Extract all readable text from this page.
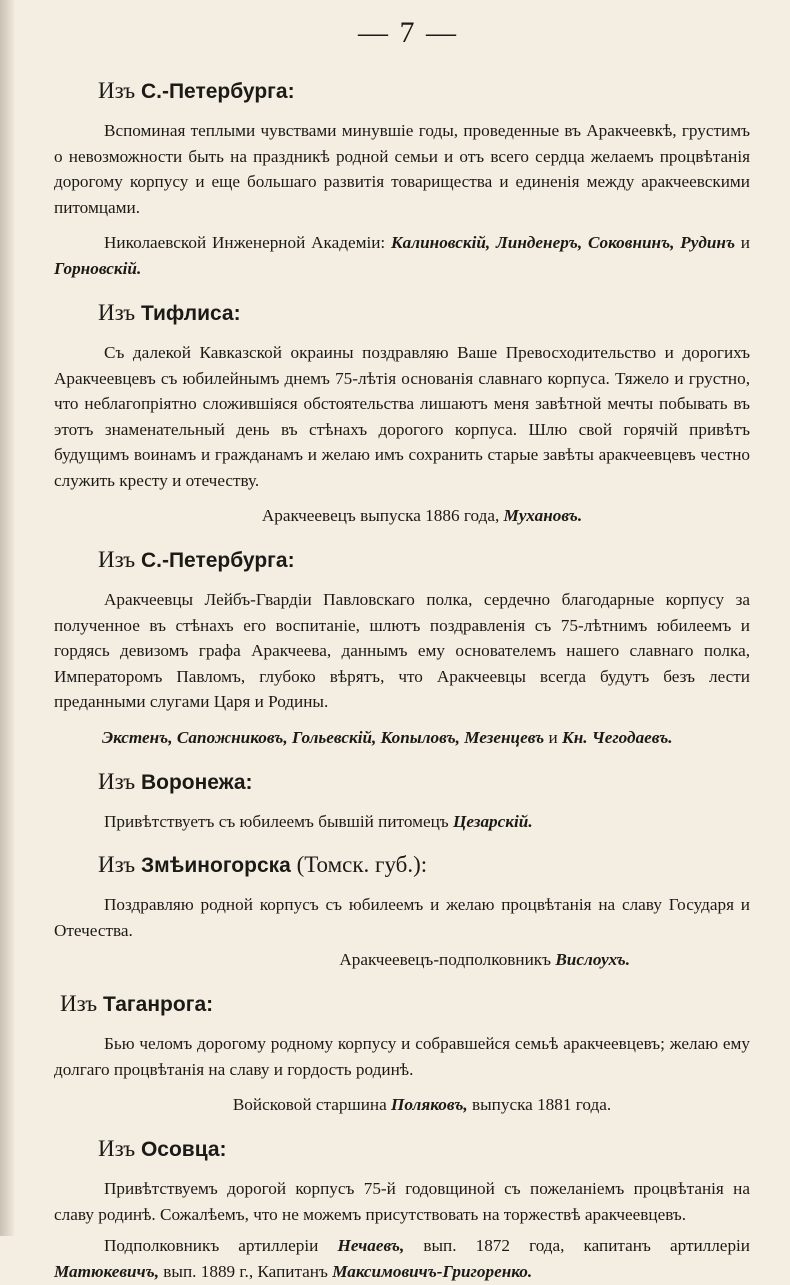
— 7 —
Изъ С.-Петербурга:

Вспоминая теплыми чувствами минувшіе годы, проведенные въ Аракчеевкѣ, грустимъ о невозможности быть на праздникѣ родной семьи и отъ всего сердца желаемъ процвѣтанія дорогому корпусу и еще большаго развитія товарищества и единенія между аракчеевскими питомцами.

Николаевской Инженерной Академіи: Калиновскій, Линденеръ, Соковнинъ, Рудинъ и Горновскій.

Изъ Тифлиса:

Съ далекой Кавказской окраины поздравляю Ваше Превосходительство и дорогихъ Аракчеевцевъ съ юбилейнымъ днемъ 75-лѣтія основанія славнаго корпуса. Тяжело и грустно, что неблагопріятно сложившіяся обстоятельства лишаютъ меня завѣтной мечты побывать въ этотъ знаменательный день въ стѣнахъ дорогого корпуса. Шлю свой горячій привѣтъ будущимъ воинамъ и гражданамъ и желаю имъ сохранить старые завѣты аракчеевцевъ честно служить кресту и отечеству.

Аракчеевецъ выпуска 1886 года, Мухановъ.

Изъ С.-Петербурга:

Аракчеевцы Лейбъ-Гвардіи Павловскаго полка, сердечно благодарные корпусу за полученное въ стѣнахъ его воспитаніе, шлютъ поздравленія съ 75-лѣтнимъ юбилеемъ и гордясь девизомъ графа Аракчеева, даннымъ ему основателемъ нашего славнаго полка, Императоромъ Павломъ, глубоко вѣрятъ, что Аракчеевцы всегда будутъ безъ лести преданными слугами Царя и Родины.

Экстенъ, Сапожниковъ, Гольевскій, Копыловъ, Мезенцевъ и Кн. Чегодаевъ.

Изъ Воронежа:

Привѣтствуетъ съ юбилеемъ бывшій питомецъ Цезарскій.

Изъ Змѣиногорска (Томск. губ.):

Поздравляю родной корпусъ съ юбилеемъ и желаю процвѣтанія на славу Государя и Отечества.

Аракчеевецъ-подполковникъ Вислоухъ.

Изъ Таганрога:

Бью челомъ дорогому родному корпусу и собравшейся семьѣ аракчеевцевъ; желаю ему долгаго процвѣтанія на славу и гордость родинѣ.

Войсковой старшина Поляковъ, выпуска 1881 года.

Изъ Осовца:

Привѣтствуемъ дорогой корпусъ 75-й годовщиной съ пожеланіемъ процвѣтанія на славу родинѣ. Сожалѣемъ, что не можемъ присутствовать на торжествѣ аракчеевцевъ.

Подполковникъ артиллеріи Нечаевъ, вып. 1872 года, капитанъ артиллеріи Матюкевичъ, вып. 1889 г., Капитанъ Максимовичъ-Григоренко.
